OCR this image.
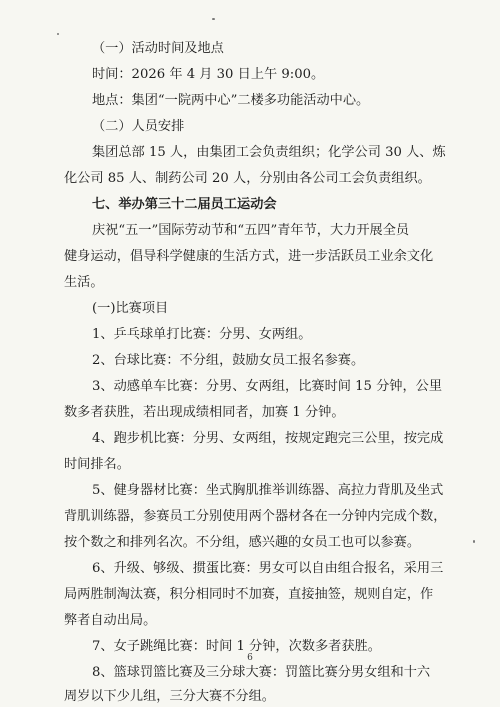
（一）活动时间及地点
时间：2026 年 4 月 30 日上午 9:00。
地点：集团“一院两中心”二楼多功能活动中心。
（二）人员安排
集团总部 15 人，由集团工会负责组织；化学公司 30 人、炼
化公司 85 人、制药公司 20 人，分别由各公司工会负责组织。
七、举办第三十二届员工运动会
庆祝“五一”国际劳动节和“五四”青年节，大力开展全员
健身运动，倡导科学健康的生活方式，进一步活跃员工业余文化
生活。
(一)比赛项目
1、乒乓球单打比赛：分男、女两组。
2、台球比赛：不分组，鼓励女员工报名参赛。
3、动感单车比赛：分男、女两组，比赛时间 15 分钟，公里
数多者获胜，若出现成绩相同者，加赛 1 分钟。
4、跑步机比赛：分男、女两组，按规定跑完三公里，按完成
时间排名。
5、健身器材比赛：坐式胸肌推举训练器、高拉力背肌及坐式
背肌训练器，参赛员工分别使用两个器材各在一分钟内完成个数，
按个数之和排列名次。不分组，感兴趣的女员工也可以参赛。
6、升级、够级、掼蛋比赛：男女可以自由组合报名，采用三
局两胜制淘汰赛，积分相同时不加赛，直接抽签，规则自定，作
弊者自动出局。
7、女子跳绳比赛：时间 1 分钟，次数多者获胜。
8、篮球罚篮比赛及三分球大赛：罚篮比赛分男女组和十六
周岁以下少儿组，三分大赛不分组。
6
